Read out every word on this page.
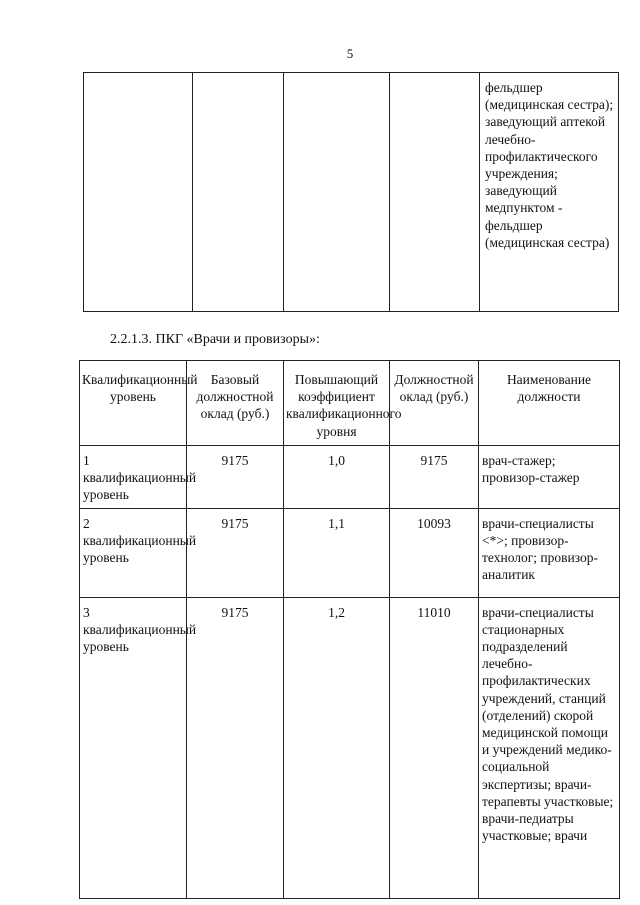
5
				фельдшер (медицинская сестра); заведующий аптекой лечебно-профилактического учреждения; заведующий медпунктом - фельдшер (медицинская сестра)
2.2.1.3. ПКГ «Врачи и провизоры»:
Квалификационный уровень	Базовый должностной оклад (руб.)	Повышающий коэффициент квалификационного уровня	Должностной оклад (руб.)	Наименование должности

1
квалификационный уровень	9175	1,0	9175	врач-стажер; провизор-стажер

2
квалификационный уровень	9175	1,1	10093	врачи-специалисты <*>; провизор-технолог; провизор-аналитик

3
квалификационный уровень	9175	1,2	11010	врачи-специалисты стационарных подразделений лечебно-профилактических учреждений, станций (отделений) скорой медицинской помощи и учреждений медико-социальной экспертизы; врачи-терапевты участковые; врачи-педиатры участковые; врачи
